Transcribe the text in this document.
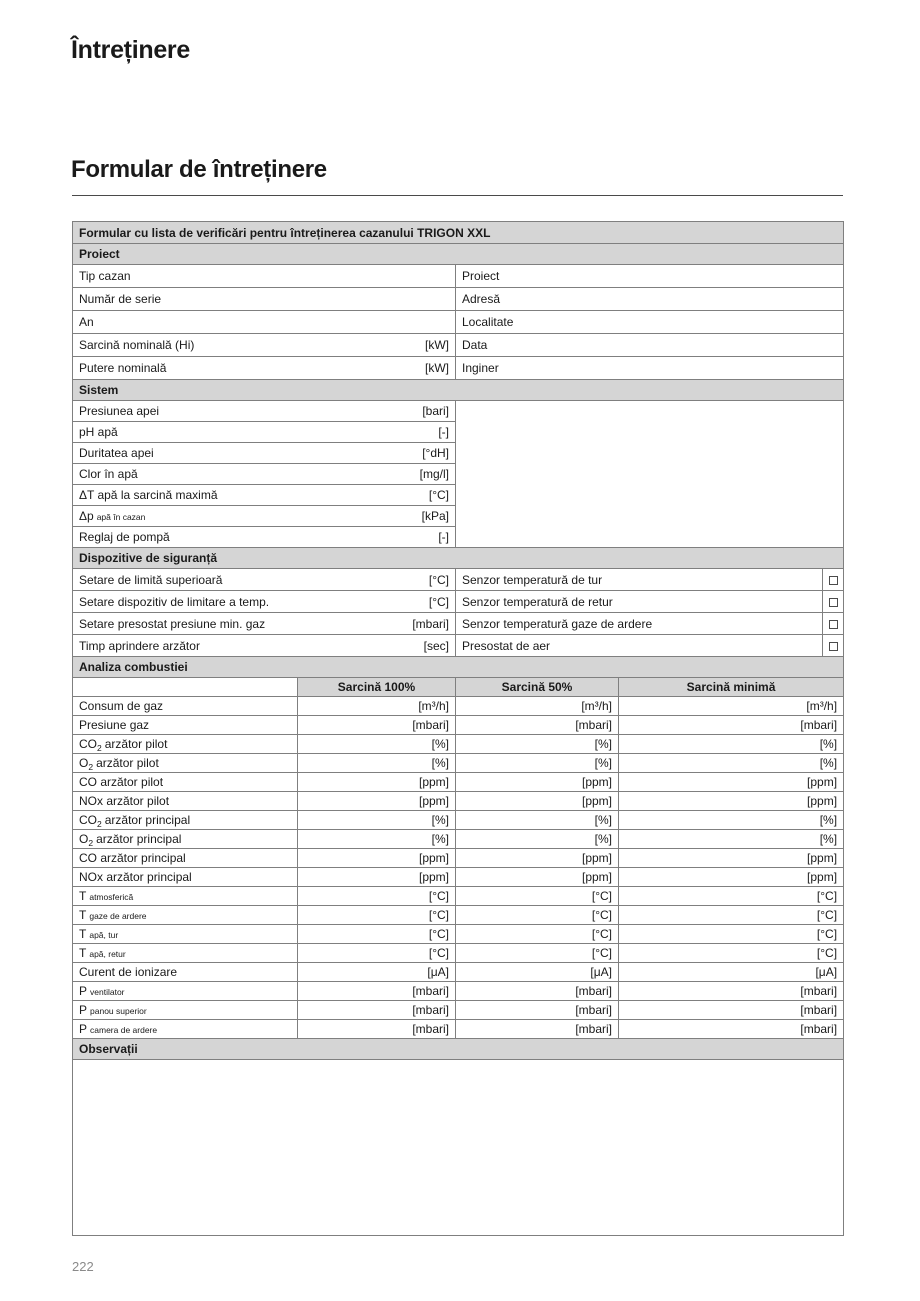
Întreținere
Formular de întreținere
Formular cu lista de verificări pentru întreținerea cazanului TRIGON XXL				
Proiect				

Tip cazan		Proiect		

Număr de serie		Adresă		

An		Localitate		

Sarcină nominală (Hi) [kW]		Data		

Putere nominală [kW]		Inginer		
Sistem				

Presiunea apei [bari]				

pH apă [-]				

Duritatea apei [°dH]				

Clor în apă [mg/l]				

ΔT apă la sarcină maximă [°C]				

Δp apă în cazan [kPa]				

Reglaj de pompă [-]				

Dispozitive de siguranță				

Setare de limită superioară [°C]		Senzor temperatură de tur		

Setare dispozitiv de limitare a temp. [°C]		Senzor temperatură de retur		

Setare presostat presiune min. gaz [mbari]		Senzor temperatură gaze de ardere		

Timp aprindere arzător [sec]		Presostat de aer		
Analiza combustiei				
	Sarcină 100%	Sarcină 50%	Sarcină minimă	
Consum de gaz	[m³/h]	[m³/h]	[m³/h]	
Presiune gaz	[mbari]	[mbari]	[mbari]	
$CO_2$ arzător pilot	[%]	[%]	[%]	
$O_2$ arzător pilot	[%]	[%]	[%]	
CO arzător pilot	[ppm]	[ppm]	[ppm]	
NOx arzător pilot	[ppm]	[ppm]	[ppm]	
$CO_2$ arzător principal	[%]	[%]	[%]	
$O_2$ arzător principal	[%]	[%]	[%]	
CO arzător principal	[ppm]	[ppm]	[ppm]	
NOx arzător principal	[ppm]	[ppm]	[ppm]	
T atmosferică	[°C]	[°C]	[°C]	
T gaze de ardere	[°C]	[°C]	[°C]	
T apă, tur	[°C]	[°C]	[°C]	
T apă, retur	[°C]	[°C]	[°C]	
Curent de ionizare	[μA]	[μA]	[μA]	
P ventilator	[mbari]	[mbari]	[mbari]	
P panou superior	[mbari]	[mbari]	[mbari]	
P camera de ardere	[mbari]	[mbari]	[mbari]	
Observații				

222
